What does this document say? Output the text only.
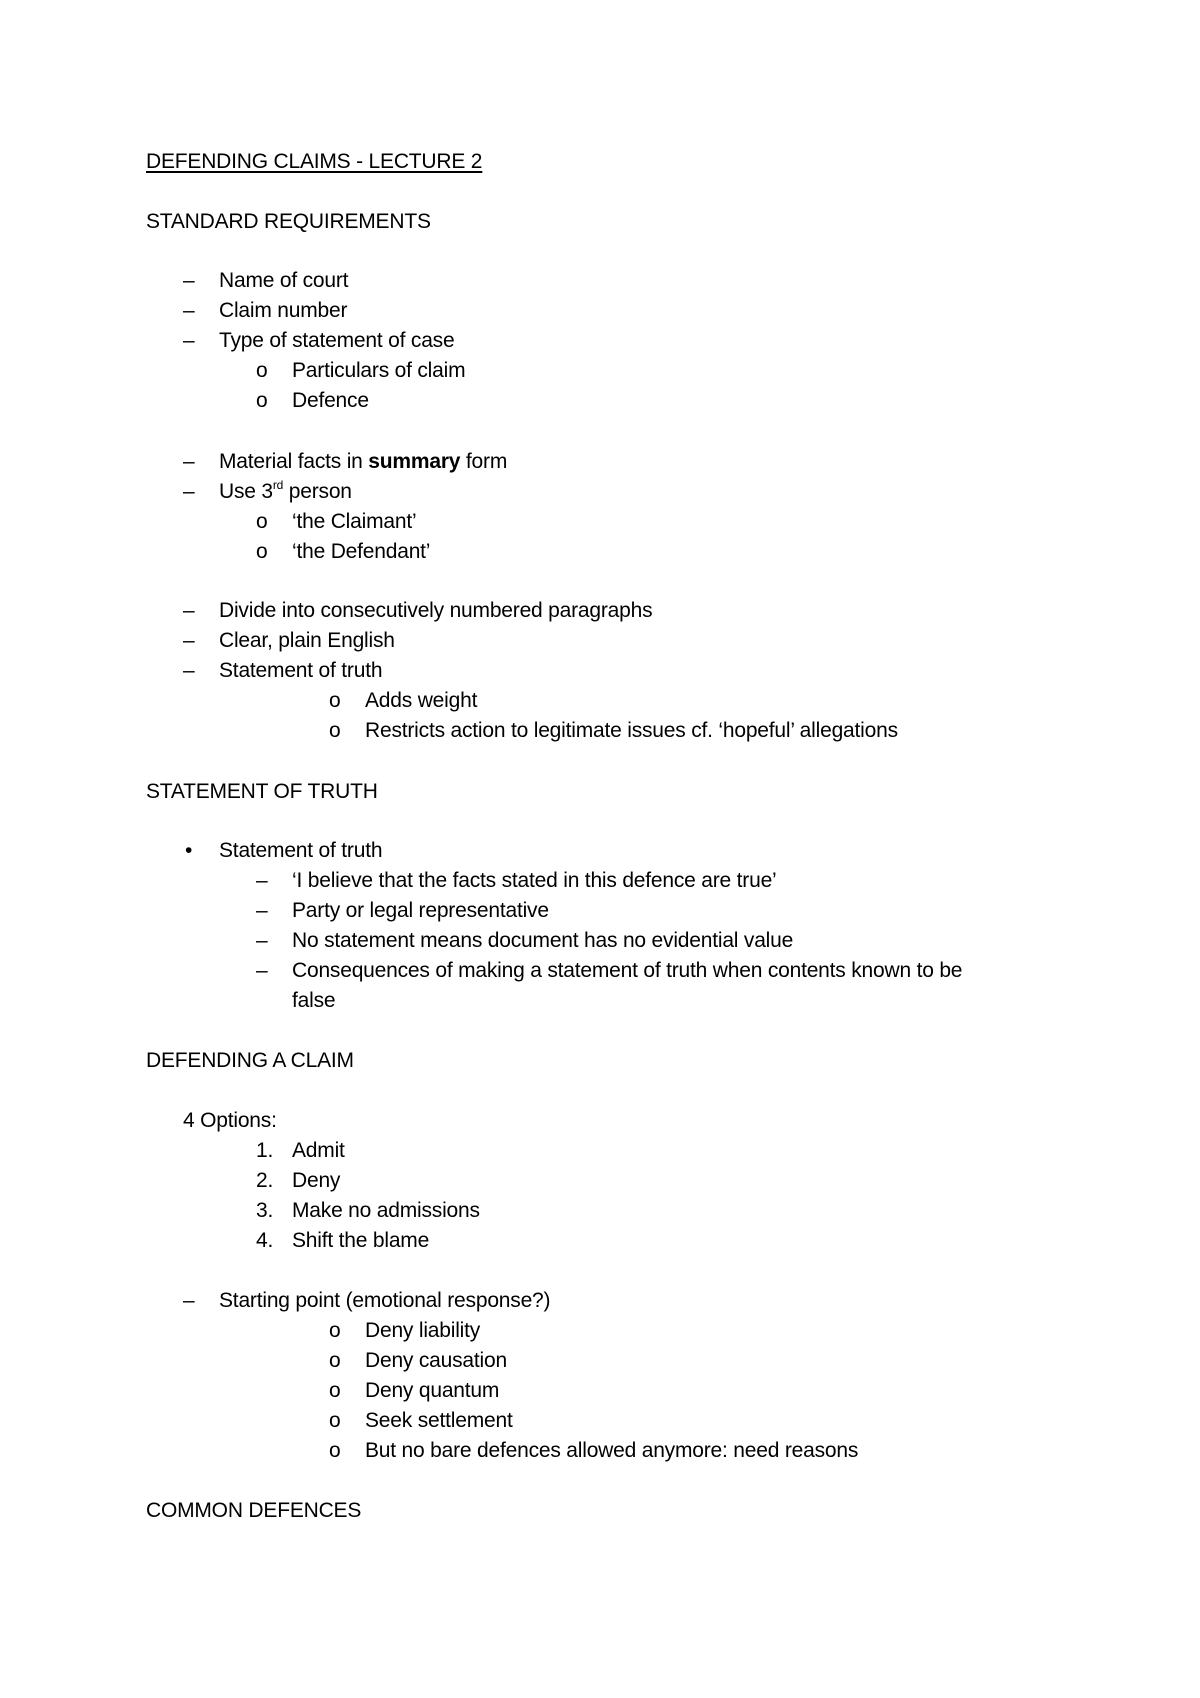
DEFENDING CLAIMS - LECTURE 2
STANDARD REQUIREMENTS
– Name of court
– Claim number
– Type of statement of case
o Particulars of claim
o Defence
– Material facts in summary form
– Use 3rd person
o ‘the Claimant’
o ‘the Defendant’
– Divide into consecutively numbered paragraphs
– Clear, plain English
– Statement of truth
o Adds weight
o Restricts action to legitimate issues cf. ‘hopeful’ allegations
STATEMENT OF TRUTH
• Statement of truth
– ‘I believe that the facts stated in this defence are true’
– Party or legal representative
– No statement means document has no evidential value
– Consequences of making a statement of truth when contents known to be
false
DEFENDING A CLAIM
4 Options:
1. Admit
2. Deny
3. Make no admissions
4. Shift the blame
– Starting point (emotional response?)
o Deny liability
o Deny causation
o Deny quantum
o Seek settlement
o But no bare defences allowed anymore: need reasons
COMMON DEFENCES
